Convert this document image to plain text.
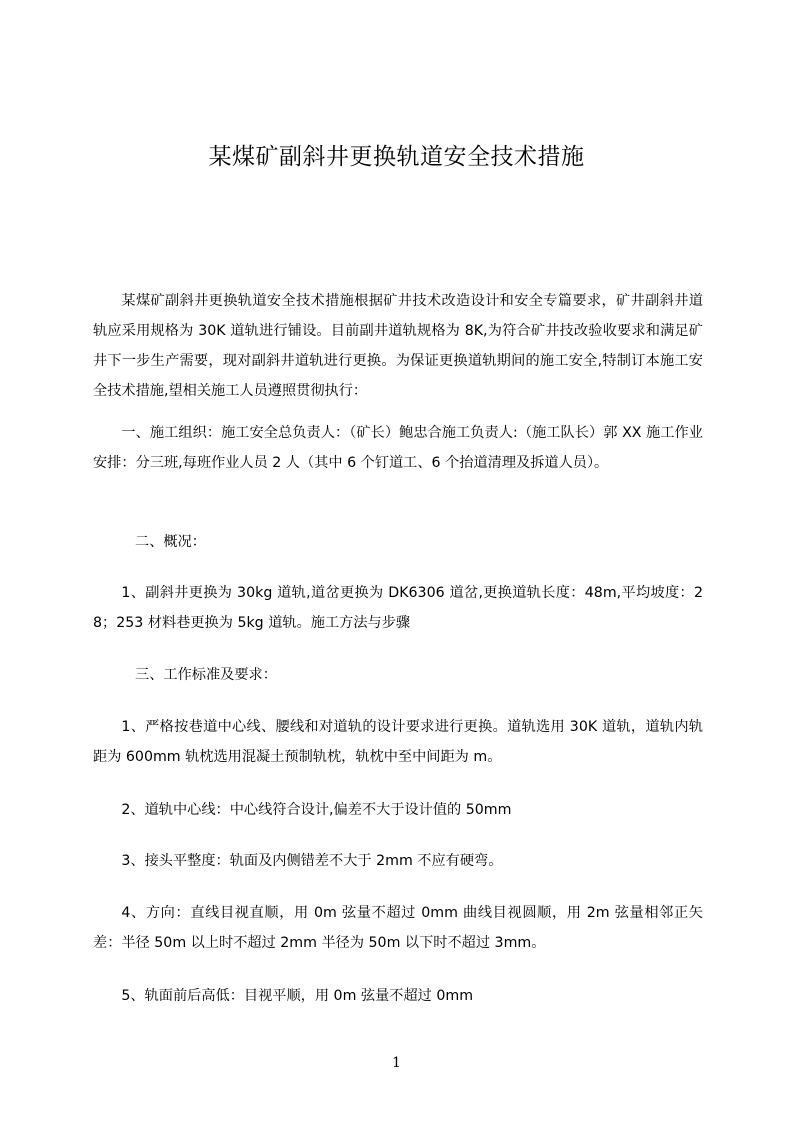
某煤矿副斜井更换轨道安全技术措施

某煤矿副斜井更换轨道安全技术措施根据矿井技术改造设计和安全专篇要求，矿井副斜井道轨应采用规格为 30K 道轨进行铺设。目前副井道轨规格为 8K,为符合矿井技改验收要求和满足矿井下一步生产需要，现对副斜井道轨进行更换。为保证更换道轨期间的施工安全,特制订本施工安全技术措施,望相关施工人员遵照贯彻执行：

一、施工组织：施工安全总负责人：（矿长）鲍忠合施工负责人:（施工队长）郭 XX 施工作业安排：分三班,每班作业人员 2 人（其中 6 个钉道工、6 个抬道清理及拆道人员）。

二、概况：

1、副斜井更换为 30kg 道轨,道岔更换为 DK6306 道岔,更换道轨长度：48m,平均坡度：28；253 材料巷更换为 5kg 道轨。施工方法与步骤

三、工作标准及要求：

1、严格按巷道中心线、腰线和对道轨的设计要求进行更换。道轨选用 30K 道轨，道轨内轨距为 600mm 轨枕选用混凝土预制轨枕，轨枕中至中间距为 m。

2、道轨中心线：中心线符合设计,偏差不大于设计值的 50mm

3、接头平整度：轨面及内侧错差不大于 2mm 不应有硬弯。

4、方向：直线目视直顺，用 0m 弦量不超过 0mm 曲线目视圆顺，用 2m 弦量相邻正矢差：半径 50m 以上时不超过 2mm 半径为 50m 以下时不超过 3mm。

5、轨面前后高低：目视平顺，用 0m 弦量不超过 0mm

1
